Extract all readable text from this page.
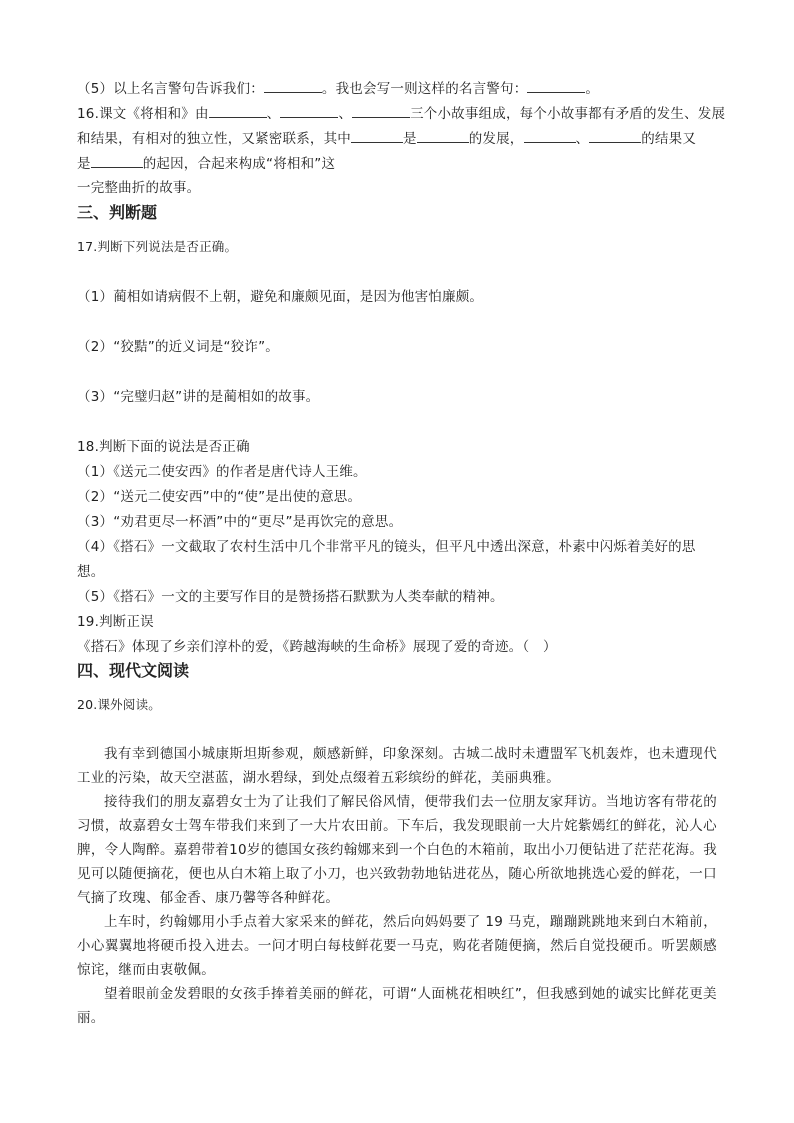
（5）以上名言警句告诉我们：	。我也会写一则这样的名言警句：	。
16.课文《将相和》由	、	、	三个小故事组成，每个小故事都有矛盾的发生、发展
和结果，有相对的独立性，又紧密联系，其中	是	的发展，	、	的结果又
是	的起因，合起来构成“将相和”这
一完整曲折的故事。
三、判断题
17.判断下列说法是否正确。
（1）蔺相如请病假不上朝，避免和廉颇见面，是因为他害怕廉颇。
（2）“狡黠”的近义词是“狡诈”。
（3）“完璧归赵”讲的是蔺相如的故事。
18.判断下面的说法是否正确
（1）《送元二使安西》的作者是唐代诗人王维。
（2）“送元二使安西”中的“使”是出使的意思。
（3）“劝君更尽一杯酒”中的“更尽”是再饮完的意思。
（4）《搭石》一文截取了农村生活中几个非常平凡的镜头，但平凡中透出深意，朴素中闪烁着美好的思
想。
（5）《搭石》一文的主要写作目的是赞扬搭石默默为人类奉献的精神。
19.判断正误
《搭石》体现了乡亲们淳朴的爱，《跨越海峡的生命桥》展现了爱的奇迹。（　）
四、现代文阅读
20.课外阅读。
我有幸到德国小城康斯坦斯参观，颇感新鲜，印象深刻。古城二战时未遭盟军飞机轰炸，也未遭现代工业的污染，故天空湛蓝，湖水碧绿，到处点缀着五彩缤纷的鲜花，美丽典雅。
接待我们的朋友嘉碧女士为了让我们了解民俗风情，便带我们去一位朋友家拜访。当地访客有带花的习惯，故嘉碧女士驾车带我们来到了一大片农田前。下车后，我发现眼前一大片姹紫嫣红的鲜花，沁人心脾，令人陶醉。嘉碧带着10岁的德国女孩约翰娜来到一个白色的木箱前，取出小刀便钻进了茫茫花海。我见可以随便摘花，便也从白木箱上取了小刀，也兴致勃勃地钻进花丛，随心所欲地挑选心爱的鲜花，一口气摘了玫瑰、郁金香、康乃馨等各种鲜花。
上车时，约翰娜用小手点着大家采来的鲜花，然后向妈妈要了 19 马克，蹦蹦跳跳地来到白木箱前，小心翼翼地将硬币投入进去。一问才明白每枝鲜花要一马克，购花者随便摘，然后自觉投硬币。听罢颇感惊诧，继而由衷敬佩。
望着眼前金发碧眼的女孩手捧着美丽的鲜花，可谓“人面桃花相映红”，但我感到她的诚实比鲜花更美丽。
